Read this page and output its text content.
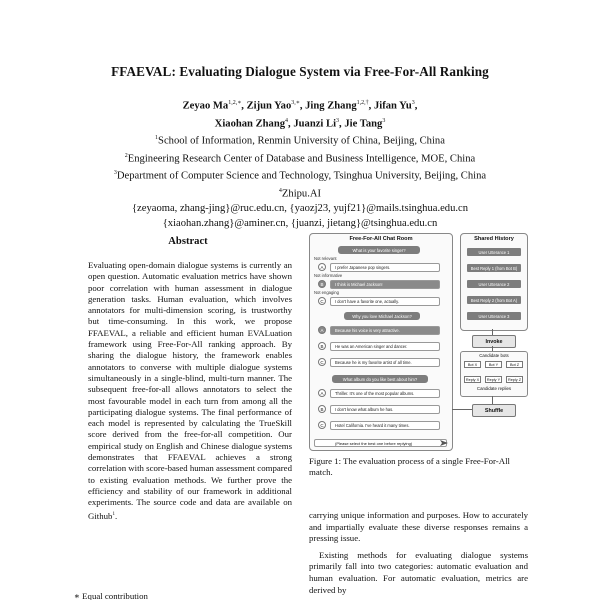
FFAEVAL: Evaluating Dialogue System via Free-For-All Ranking
Zeyao $Ma^{1,2,∗}$, Zijun Yao$^{3,∗}$, Jing Zhang$^{1,2,\dagger}$, Jifan Yu$^3$,
Xiaohan Zhang$^4$, Juanzi Li$^3$, Jie Tang$^3$
$^1$School of Information, Renmin University of China, Beijing, China
$^2$Engineering Research Center of Database and Business Intelligence, MOE, China
$^3$Department of Computer Science and Technology, Tsinghua University, Beijing, China
$^4$Zhipu.AI
{zeyaoma, zhang-jing}@ruc.edu.cn, {yaozj23, yujf21}@mails.tsinghua.edu.cn
{xiaohan.zhang}@aminer.cn, {juanzi, jietang}@tsinghua.edu.cn
Abstract

Evaluating open-domain dialogue systems is currently an open question. Automatic evaluation metrics have shown poor correlation with human assessment in dialogue generation tasks. Human evaluation, which involves annotators for multi-dimension scoring, is trustworthy but time-consuming. In this work, we propose FFAEVAL, a reliable and efficient human EVALuation framework using Free-For-All ranking approach. By sharing the dialogue history, the framework enables annotators to converse with multiple dialogue systems simultaneously in a single-blind, multi-turn manner. The subsequent free-for-all allows annotators to select the most favourable model in each turn from among all the participating dialogue systems. The final performance of each model is represented by calculating the TrueSkill score derived from the free-for-all competition. Our empirical study on English and Chinese dialogue systems demonstrates that FFAEVAL achieves a strong correlation with score-based human assessment compared to existing evaluation methods. We further prove the efficiency and stability of our framework in additional experiments. The source code and data are available on Github$^1$.

∗ Equal contribution
Free-For-All Chat Room
What is your favorite singer?
Not relevant
A	I prefer Japanese pop singers.
Not informative
B	I think is Michael Jackson!
Not engaging
C	I don't have a favorite one, actually.
Why you love Michael Jackson?
A	Because his voice is very attractive.
B	He was an American singer and dancer.
C	Because he is my favorite artist of all time.
What album do you like best about him?
A	Thriller. It's one of the most popular albums.
B	I don't know what album he has.
C	Hotel California. I've heard it many times.
(Please select the best one before replying)
Shared History
User Utterance 1
Best Reply 1 (from Bot B)
User Utterance 2
Best Reply 2 (from Bot A)
User Utterance 3
Invoke
Candidate bots
Bot X	Bot Y	Bot Z
Reply X	Reply Y	Reply Z
Candidate replies
Shuffle
Figure 1: The evaluation process of a single Free-For-All match.

carrying unique information and purposes. How to accurately and impartially evaluate these diverse responses remains a pressing issue.

Existing methods for evaluating dialogue systems primarily fall into two categories: automatic evaluation and human evaluation. For automatic evaluation, metrics are derived by
